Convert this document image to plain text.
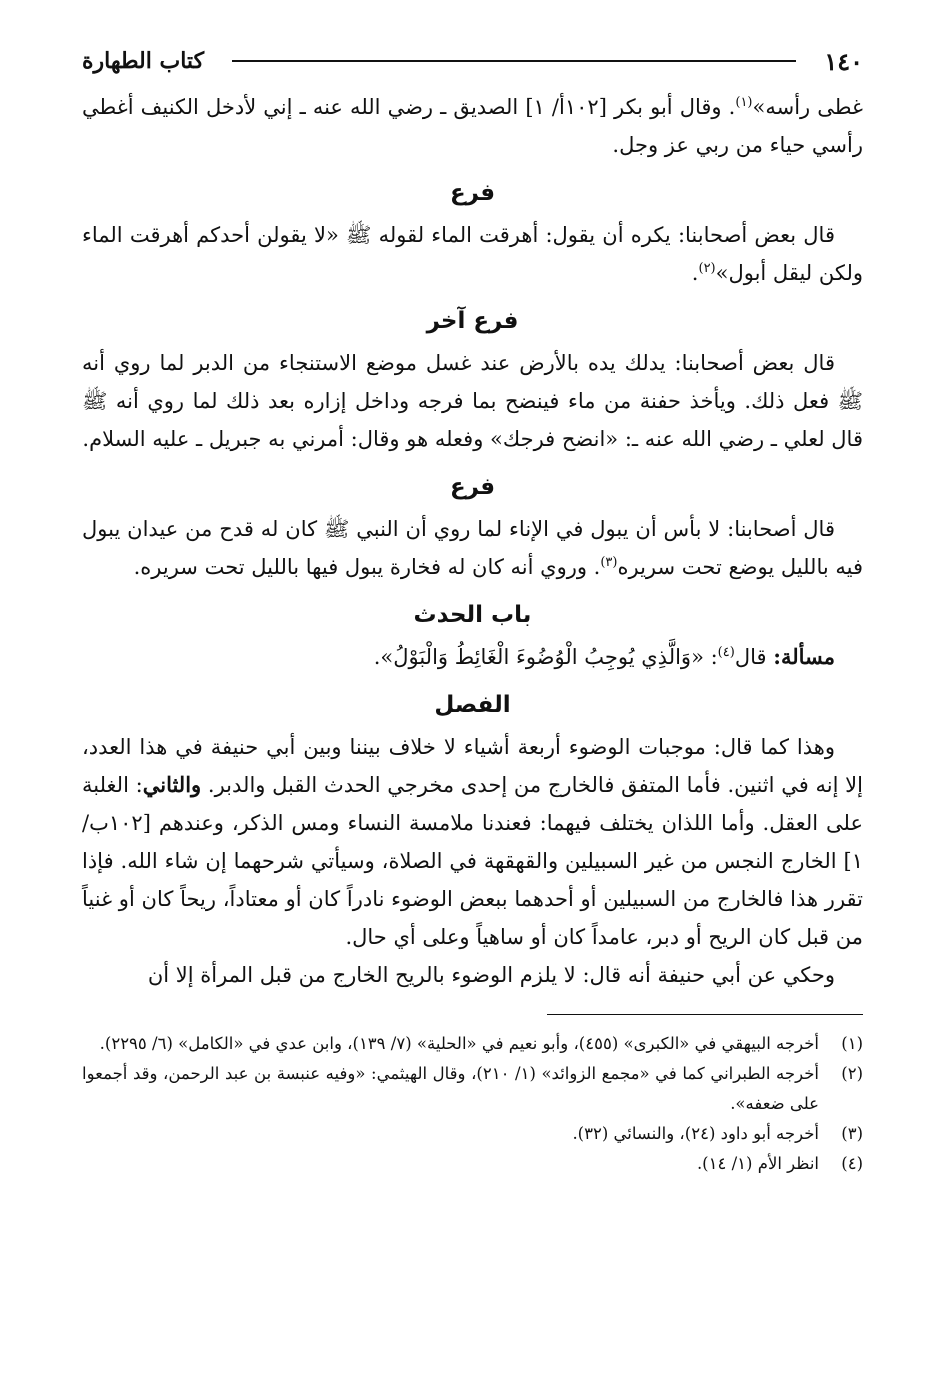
١٤٠
كتاب الطهارة

غطى رأسه»$^{(١)}$. وقال أبو بكر [١٠٢أ/ ١] الصديق ـ رضي الله عنه ـ إني لأدخل الكنيف أغطي رأسي حياء من ربي عز وجل.

فرع

قال بعض أصحابنا: يكره أن يقول: أهرقت الماء لقوله ﷺ «لا يقولن أحدكم أهرقت الماء ولكن ليقل أبول»$^{(٢)}$.

فرع آخر

قال بعض أصحابنا: يدلك يده بالأرض عند غسل موضع الاستنجاء من الدبر لما روي أنه ﷺ فعل ذلك. ويأخذ حفنة من ماء فينضح بما فرجه وداخل إزاره بعد ذلك لما روي أنه ﷺ قال لعلي ـ رضي الله عنه ـ: «انضح فرجك» وفعله هو وقال: أمرني به جبريل ـ عليه السلام.

فرع

قال أصحابنا: لا بأس أن يبول في الإناء لما روي أن النبي ﷺ كان له قدح من عيدان يبول فيه بالليل يوضع تحت سريره$^{(٣)}$. وروي أنه كان له فخارة يبول فيها بالليل تحت سريره.

باب الحدث

مسألة: قال$^{(٤)}$: «وَالَّذِي يُوجِبُ الْوُضُوءَ الْغَائِطُ وَالْبَوْلُ».

الفصل

وهذا كما قال: موجبات الوضوء أربعة أشياء لا خلاف بيننا وبين أبي حنيفة في هذا العدد، إلا إنه في اثنين. فأما المتفق فالخارج من إحدى مخرجي الحدث القبل والدبر. والثاني: الغلبة على العقل. وأما اللذان يختلف فيهما: فعندنا ملامسة النساء ومس الذكر، وعندهم [١٠٢ب/ ١] الخارج النجس من غير السبيلين والقهقهة في الصلاة، وسيأتي شرحهما إن شاء الله. فإذا تقرر هذا فالخارج من السبيلين أو أحدهما ببعض الوضوء نادراً كان أو معتاداً، ريحاً كان أو غنياً من قبل كان الريح أو دبر، عامداً كان أو ساهياً وعلى أي حال.

وحكي عن أبي حنيفة أنه قال: لا يلزم الوضوء بالريح الخارج من قبل المرأة إلا أن

(١)
أخرجه البيهقي في «الكبرى» (٤٥٥)، وأبو نعيم في «الحلية» (٧/ ١٣٩)، وابن عدي في «الكامل» (٦/ ٢٢٩٥).
(٢)
أخرجه الطبراني كما في «مجمع الزوائد» (١/ ٢١٠)، وقال الهيثمي: «وفيه عنبسة بن عبد الرحمن، وقد أجمعوا على ضعفه».
(٣)
أخرجه أبو داود (٢٤)، والنسائي (٣٢).
(٤)
انظر الأم (١/ ١٤).
